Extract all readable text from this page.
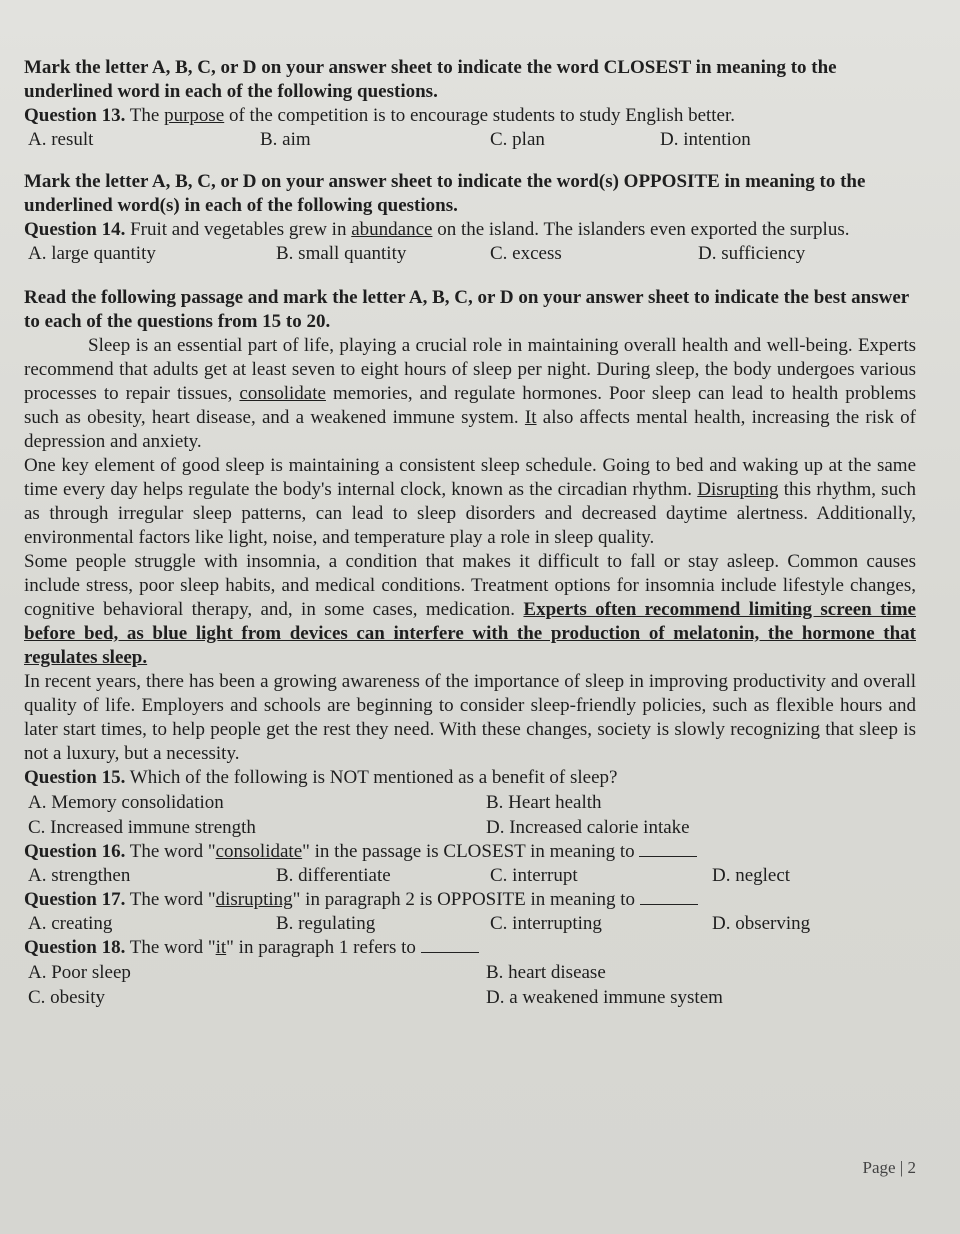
Mark the letter A, B, C, or D on your answer sheet to indicate the word CLOSEST in meaning to the underlined word in each of the following questions.

Question 13. The purpose of the competition is to encourage students to study English better.

A. result	B. aim	C. plan	D. intention

Mark the letter A, B, C, or D on your answer sheet to indicate the word(s) OPPOSITE in meaning to the underlined word(s) in each of the following questions.

Question 14. Fruit and vegetables grew in abundance on the island. The islanders even exported the surplus.

A. large quantity	B. small quantity	C. excess	D. sufficiency

Read the following passage and mark the letter A, B, C, or D on your answer sheet to indicate the best answer to each of the questions from 15 to 20.

Sleep is an essential part of life, playing a crucial role in maintaining overall health and well-being. Experts recommend that adults get at least seven to eight hours of sleep per night. During sleep, the body undergoes various processes to repair tissues, consolidate memories, and regulate hormones. Poor sleep can lead to health problems such as obesity, heart disease, and a weakened immune system. It also affects mental health, increasing the risk of depression and anxiety.

One key element of good sleep is maintaining a consistent sleep schedule. Going to bed and waking up at the same time every day helps regulate the body's internal clock, known as the circadian rhythm. Disrupting this rhythm, such as through irregular sleep patterns, can lead to sleep disorders and decreased daytime alertness. Additionally, environmental factors like light, noise, and temperature play a role in sleep quality.

Some people struggle with insomnia, a condition that makes it difficult to fall or stay asleep. Common causes include stress, poor sleep habits, and medical conditions. Treatment options for insomnia include lifestyle changes, cognitive behavioral therapy, and, in some cases, medication. Experts often recommend limiting screen time before bed, as blue light from devices can interfere with the production of melatonin, the hormone that regulates sleep.

In recent years, there has been a growing awareness of the importance of sleep in improving productivity and overall quality of life. Employers and schools are beginning to consider sleep-friendly policies, such as flexible hours and later start times, to help people get the rest they need. With these changes, society is slowly recognizing that sleep is not a luxury, but a necessity.

Question 15. Which of the following is NOT mentioned as a benefit of sleep?

A. Memory consolidation	B. Heart health
C. Increased immune strength	D. Increased calorie intake

Question 16. The word "consolidate" in the passage is CLOSEST in meaning to

A. strengthen	B. differentiate	C. interrupt	D. neglect

Question 17. The word "disrupting" in paragraph 2 is OPPOSITE in meaning to

A. creating	B. regulating	C. interrupting	D. observing

Question 18. The word "it" in paragraph 1 refers to

A. Poor sleep	B. heart disease
C. obesity	D. a weakened immune system
Page | 2
